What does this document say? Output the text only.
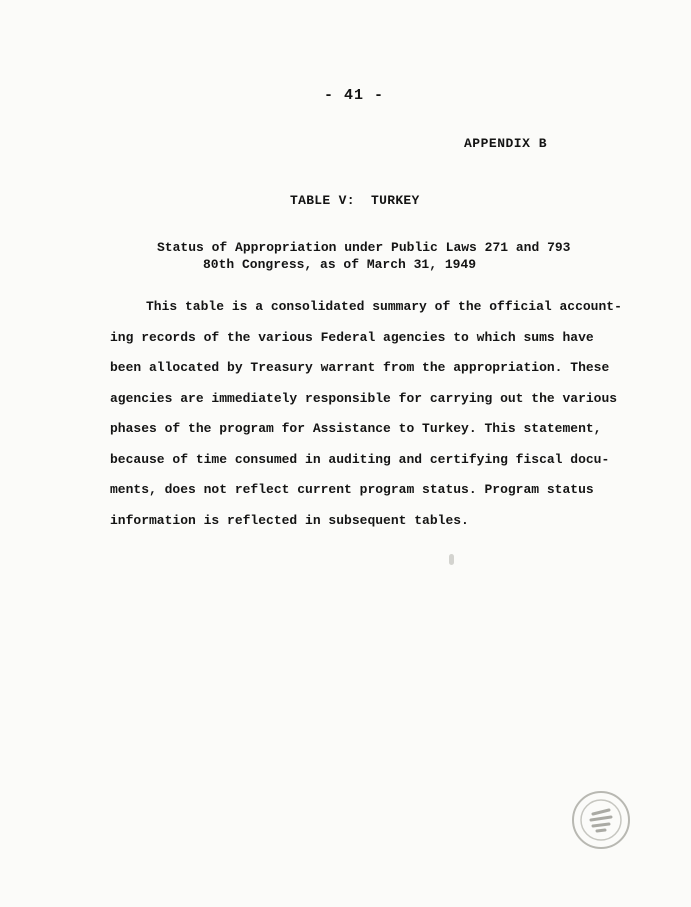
- 41 -
APPENDIX B
TABLE V:  TURKEY
Status of Appropriation under Public Laws 271 and 793
80th Congress, as of March 31, 1949
This table is a consolidated summary of the official account-
ing records of the various Federal agencies to which sums have
been allocated by Treasury warrant from the appropriation. These
agencies are immediately responsible for carrying out the various
phases of the program for Assistance to Turkey. This statement,
because of time consumed in auditing and certifying fiscal docu-
ments, does not reflect current program status. Program status
information is reflected in subsequent tables.
